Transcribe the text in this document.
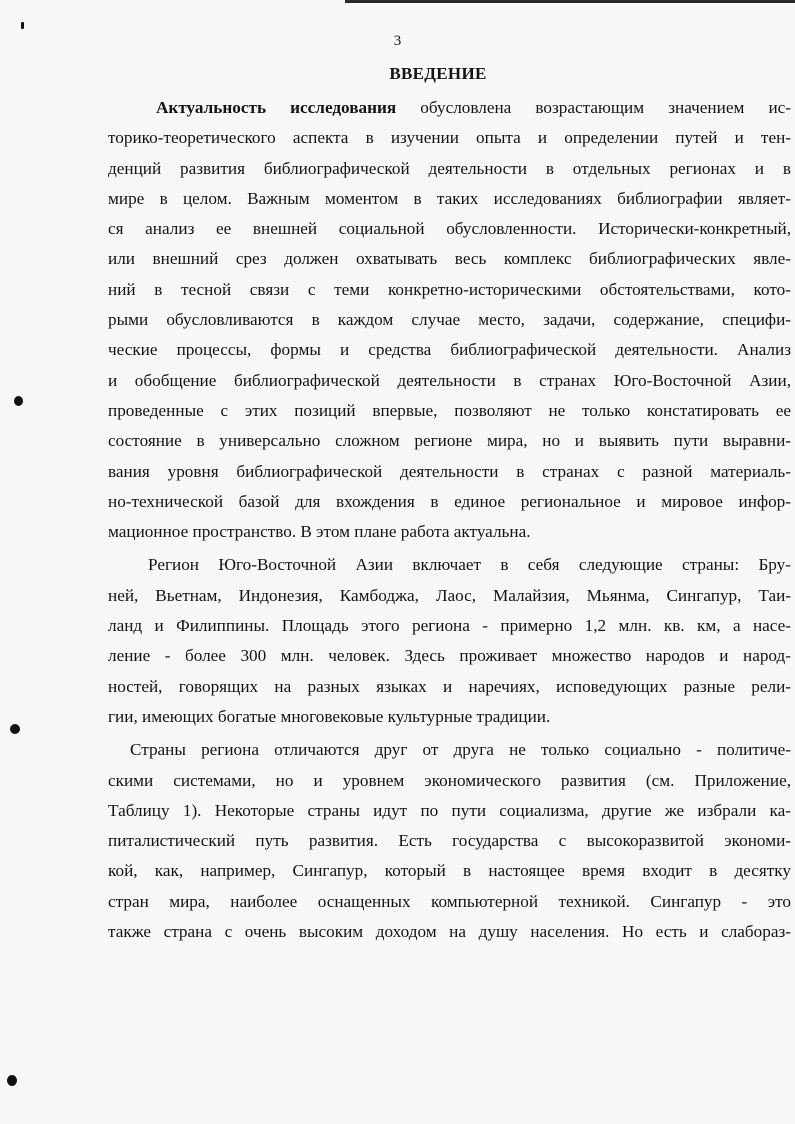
3
ВВЕДЕНИЕ
Актуальность исследования обусловлена возрастающим значением ис-
торико-теоретического аспекта в изучении опыта и определении путей и тен-
денций развития библиографической деятельности в отдельных регионах и в
мире в целом. Важным моментом в таких исследованиях библиографии являет-
ся анализ ее внешней социальной обусловленности. Исторически-конкретный,
или внешний срез должен охватывать весь комплекс библиографических явле-
ний в тесной связи с теми конкретно-историческими обстоятельствами, кото-
рыми обусловливаются в каждом случае место, задачи, содержание, специфи-
ческие процессы, формы и средства библиографической деятельности. Анализ
и обобщение библиографической деятельности в странах Юго-Восточной Азии,
проведенные с этих позиций впервые, позволяют не только констатировать ее
состояние в универсально сложном регионе мира, но и выявить пути выравни-
вания уровня библиографической деятельности в странах с разной материаль-
но-технической базой для вхождения в единое региональное и мировое инфор-
мационное пространство. В этом плане работа актуальна.
Регион Юго-Восточной Азии включает в себя следующие страны: Бру-
ней, Вьетнам, Индонезия, Камбоджа, Лаос, Малайзия, Мьянма, Сингапур, Таи-
ланд и Филиппины. Площадь этого региона - примерно 1,2 млн. кв. км, а насе-
ление - более 300 млн. человек. Здесь проживает множество народов и народ-
ностей, говорящих на разных языках и наречиях, исповедующих разные рели-
гии, имеющих богатые многовековые культурные традиции.
Страны региона отличаются друг от друга не только социально - политиче-
скими системами, но и уровнем экономического развития (см. Приложение,
Таблицу 1). Некоторые страны идут по пути социализма, другие же избрали ка-
питалистический путь развития. Есть государства с высокоразвитой экономи-
кой, как, например, Сингапур, который в настоящее время входит в десятку
стран мира, наиболее оснащенных компьютерной техникой. Сингапур - это
также страна с очень высоким доходом на душу населения. Но есть и слабораз-
